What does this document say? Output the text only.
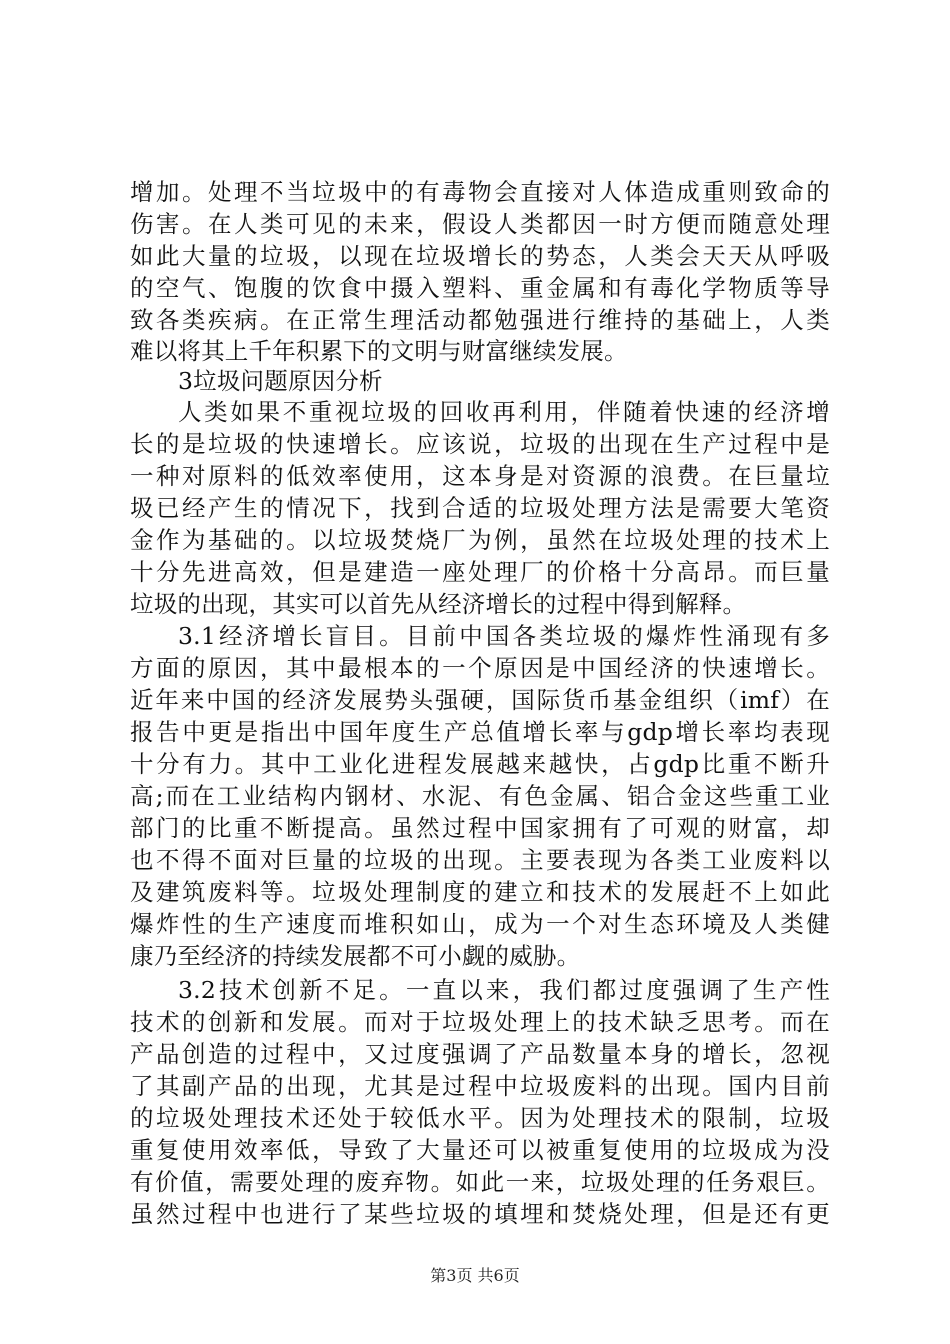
增加。处理不当垃圾中的有毒物会直接对人体造成重则致命的
伤害。在人类可见的未来，假设人类都因一时方便而随意处理
如此大量的垃圾，以现在垃圾增长的势态，人类会天天从呼吸
的空气、饱腹的饮食中摄入塑料、重金属和有毒化学物质等导
致各类疾病。在正常生理活动都勉强进行维持的基础上，人类
难以将其上千年积累下的文明与财富继续发展。
3垃圾问题原因分析
人类如果不重视垃圾的回收再利用，伴随着快速的经济增
长的是垃圾的快速增长。应该说，垃圾的出现在生产过程中是
一种对原料的低效率使用，这本身是对资源的浪费。在巨量垃
圾已经产生的情况下，找到合适的垃圾处理方法是需要大笔资
金作为基础的。以垃圾焚烧厂为例，虽然在垃圾处理的技术上
十分先进高效，但是建造一座处理厂的价格十分高昂。而巨量
垃圾的出现，其实可以首先从经济增长的过程中得到解释。
3.1经济增长盲目。目前中国各类垃圾的爆炸性涌现有多
方面的原因，其中最根本的一个原因是中国经济的快速增长。
近年来中国的经济发展势头强硬，国际货币基金组织（imf）在
报告中更是指出中国年度生产总值增长率与gdp增长率均表现
十分有力。其中工业化进程发展越来越快，占gdp比重不断升
高;而在工业结构内钢材、水泥、有色金属、铝合金这些重工业
部门的比重不断提高。虽然过程中国家拥有了可观的财富，却
也不得不面对巨量的垃圾的出现。主要表现为各类工业废料以
及建筑废料等。垃圾处理制度的建立和技术的发展赶不上如此
爆炸性的生产速度而堆积如山，成为一个对生态环境及人类健
康乃至经济的持续发展都不可小觑的威胁。
3.2技术创新不足。一直以来，我们都过度强调了生产性
技术的创新和发展。而对于垃圾处理上的技术缺乏思考。而在
产品创造的过程中，又过度强调了产品数量本身的增长，忽视
了其副产品的出现，尤其是过程中垃圾废料的出现。国内目前
的垃圾处理技术还处于较低水平。因为处理技术的限制，垃圾
重复使用效率低，导致了大量还可以被重复使用的垃圾成为没
有价值，需要处理的废弃物。如此一来，垃圾处理的任务艰巨。
虽然过程中也进行了某些垃圾的填埋和焚烧处理，但是还有更
第3页 共6页
